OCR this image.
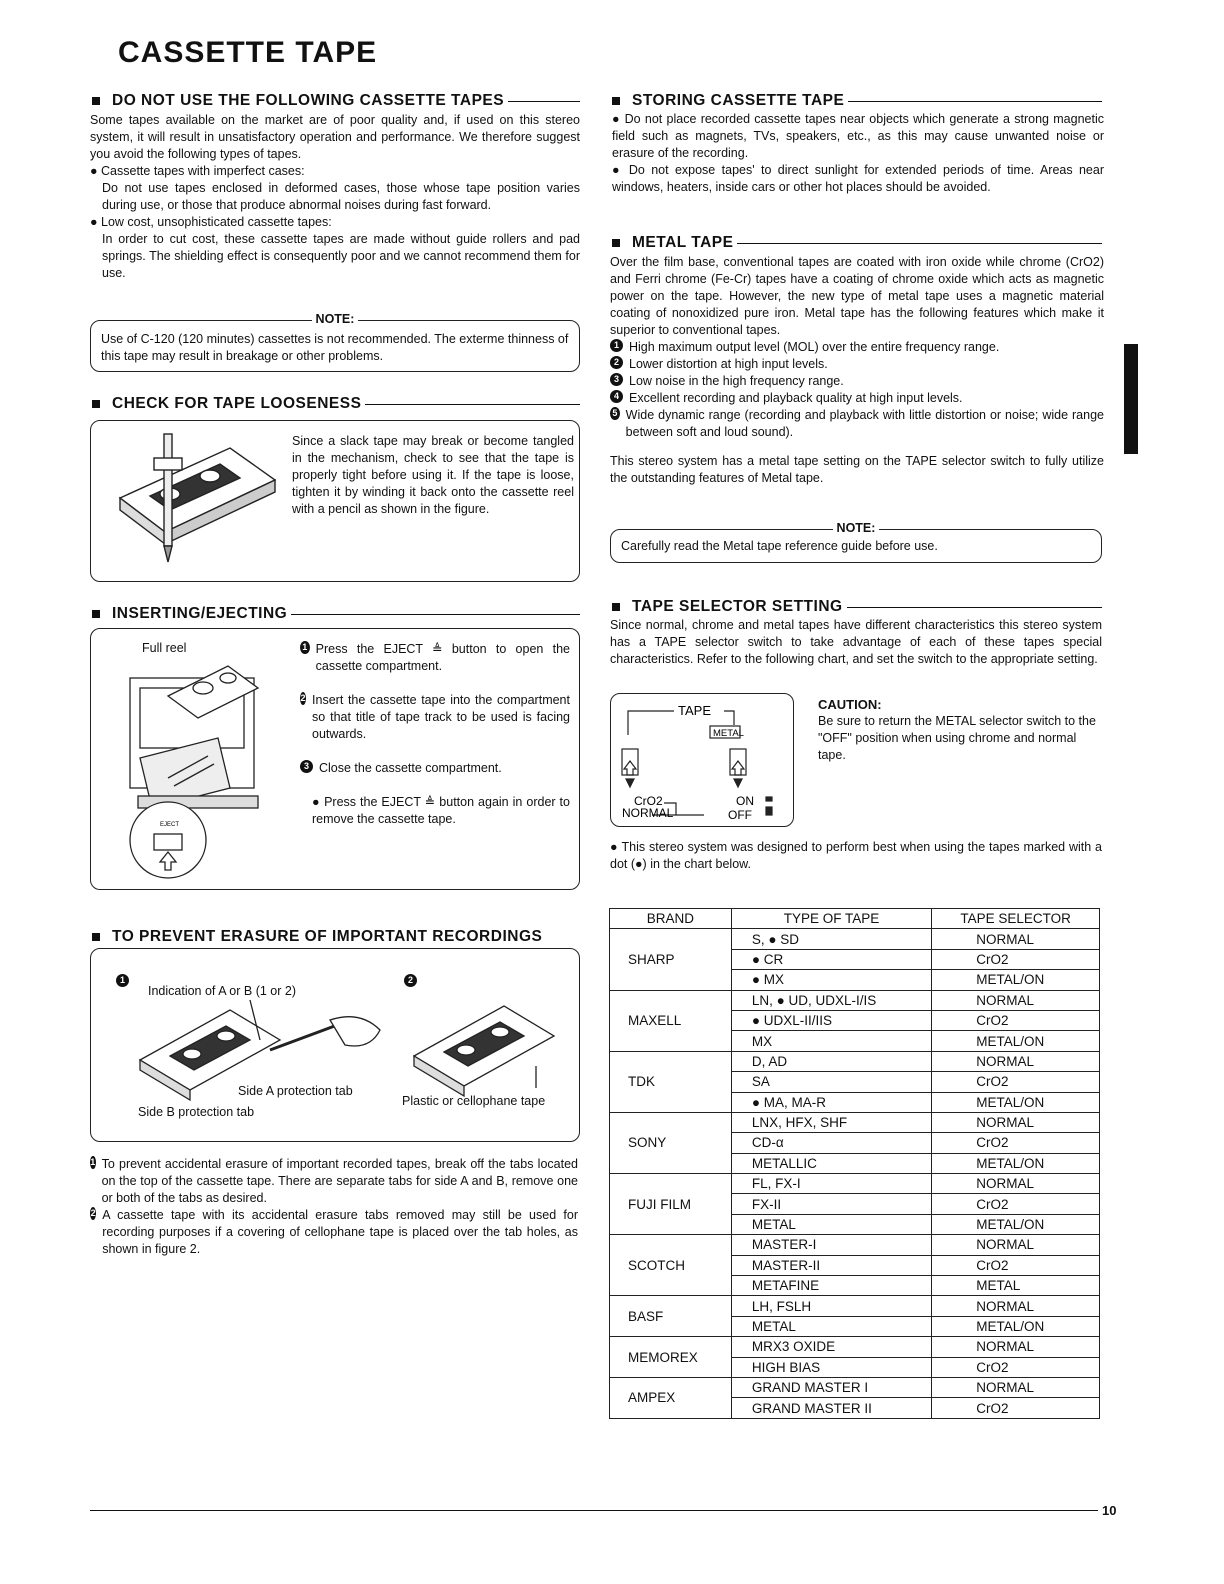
CASSETTE TAPE
DO NOT USE THE FOLLOWING CASSETTE TAPES

Some tapes available on the market are of poor quality and, if used on this stereo system, it will result in unsatisfactory operation and performance. We therefore suggest you avoid the following types of tapes.

● Cassette tapes with imperfect cases:

Do not use tapes enclosed in deformed cases, those whose tape position varies during use, or those that produce abnormal noises during fast forward.

● Low cost, unsophisticated cassette tapes:

In order to cut cost, these cassette tapes are made without guide rollers and pad springs. The shielding effect is consequently poor and we cannot recommend them for use.

NOTE:
Use of C-120 (120 minutes) cassettes is not recommended. The exterme thinness of this tape may result in breakage or other problems.
CHECK FOR TAPE LOOSENESS
Since a slack tape may break or become tangled in the mechanism, check to see that the tape is properly tight before using it. If the tape is loose, tighten it by winding it back onto the cassette reel with a pencil as shown in the figure.
INSERTING/EJECTING
Full reel
EJECT

1 Press the EJECT ≜ button to open the cassette compartment.

2 Insert the cassette tape into the compartment so that title of tape track to be used is facing outwards.

3 Close the cassette compartment.

● Press the EJECT ≜ button again in order to remove the cassette tape.

TO PREVENT ERASURE OF IMPORTANT RECORDINGS
1	2
Indication of A or B (1 or 2)
Side A protection tab
Side B protection tab
Plastic or cellophane tape

1 To prevent accidental erasure of important recorded tapes, break off the tabs located on the top of the cassette tape. There are separate tabs for side A and B, remove one or both of the tabs as desired.

2 A cassette tape with its accidental erasure tabs removed may still be used for recording purposes if a covering of cellophane tape is placed over the tab holes, as shown in figure 2.

STORING CASSETTE TAPE

● Do not place recorded cassette tapes near objects which generate a strong magnetic field such as magnets, TVs, speakers, etc., as this may cause unwanted noise or erasure of the recording.

● Do not expose tapes' to direct sunlight for extended periods of time. Areas near windows, heaters, inside cars or other hot places should be avoided.

METAL TAPE

Over the film base, conventional tapes are coated with iron oxide while chrome (CrO2) and Ferri chrome (Fe-Cr) tapes have a coating of chrome oxide which acts as magnetic power on the tape. However, the new type of metal tape uses a magnetic material coating of nonoxidized pure iron. Metal tape has the following features which make it superior to conventional tapes.

1 High maximum output level (MOL) over the entire frequency range.

2 Lower distortion at high input levels.

3 Low noise in the high frequency range.

4 Excellent recording and playback quality at high input levels.

5 Wide dynamic range (recording and playback with little distortion or noise; wide range between soft and loud sound).

This stereo system has a metal tape setting on the TAPE selector switch to fully utilize the outstanding features of Metal tape.

NOTE:
Carefully read the Metal tape reference guide before use.
TAPE SELECTOR SETTING
Since normal, chrome and metal tapes have different characteristics this stereo system has a TAPE selector switch to take advantage of each of these tapes special characteristics. Refer to the following chart, and set the switch to the appropriate setting.
TAPE
METAL
CrO2
NORMAL
ON
OFF
CAUTION:
Be sure to return the METAL selector switch to the "OFF" position when using chrome and normal tape.
● This stereo system was designed to perform best when using the tapes marked with a dot (●) in the chart below.
BRAND	TYPE OF TAPE	TAPE SELECTOR
SHARP	S, ● SD	NORMAL
	● CR	CrO2
	● MX	METAL/ON
MAXELL	LN, ● UD, UDXL-I/IS	NORMAL
	● UDXL-II/IIS	CrO2
	MX	METAL/ON
TDK	D, AD	NORMAL
	SA	CrO2
	● MA, MA-R	METAL/ON
SONY	LNX, HFX, SHF	NORMAL
	CD-α	CrO2
	METALLIC	METAL/ON
FUJI FILM	FL, FX-I	NORMAL
	FX-II	CrO2
	METAL	METAL/ON
SCOTCH	MASTER-I	NORMAL
	MASTER-II	CrO2
	METAFINE	METAL
BASF	LH, FSLH	NORMAL
	METAL	METAL/ON
MEMOREX	MRX3 OXIDE	NORMAL
	HIGH BIAS	CrO2
AMPEX	GRAND MASTER I	NORMAL
	GRAND MASTER II	CrO2
10
